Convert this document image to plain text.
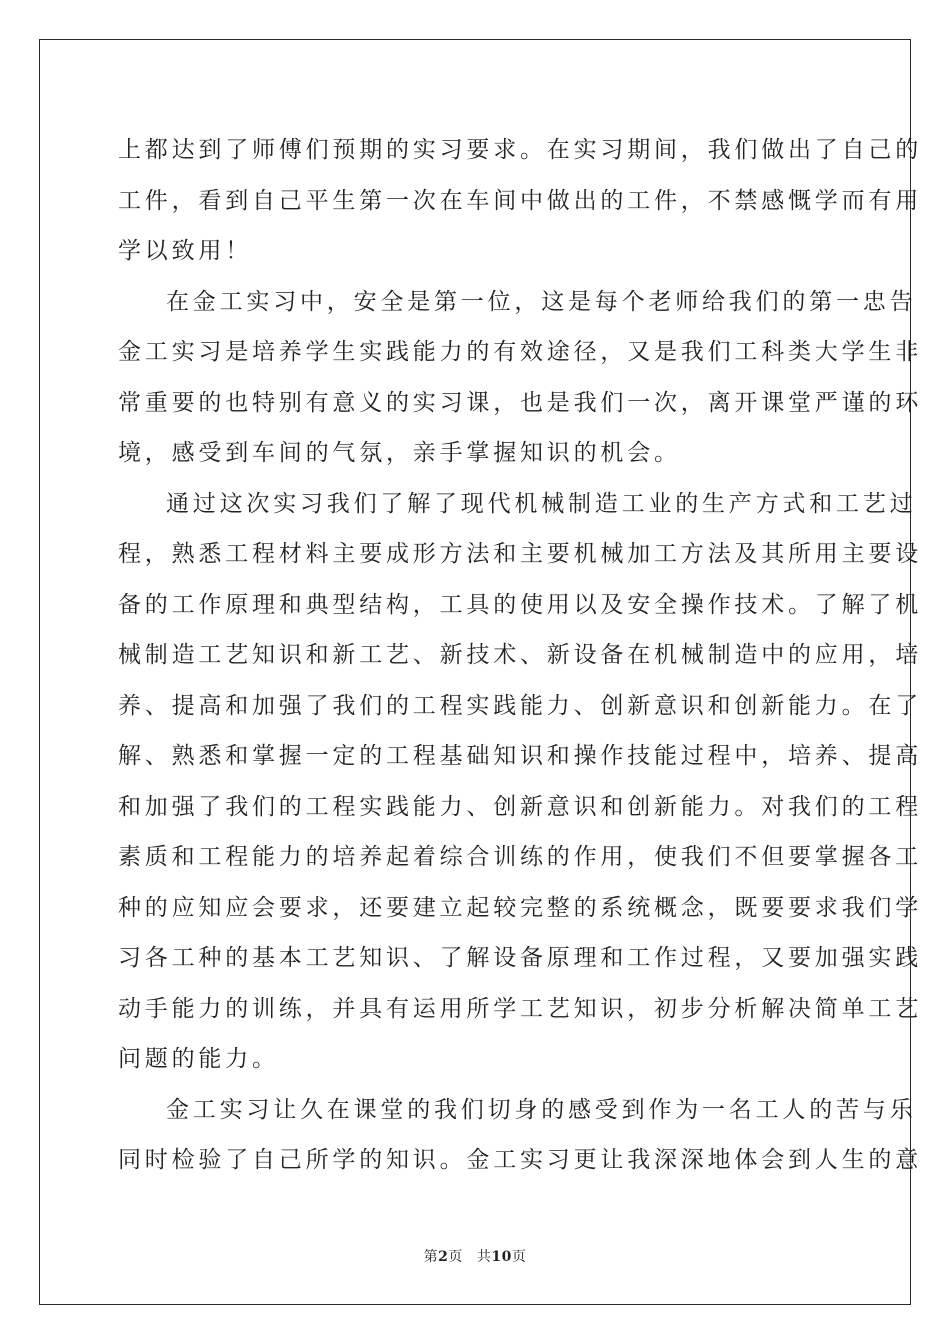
上都达到了师傅们预期的实习要求。在实习期间，我们做出了自己的
工件，看到自己平生第一次在车间中做出的工件，不禁感慨学而有用
学以致用！
在金工实习中，安全是第一位，这是每个老师给我们的第一忠告
金工实习是培养学生实践能力的有效途径，又是我们工科类大学生非
常重要的也特别有意义的实习课，也是我们一次，离开课堂严谨的环
境，感受到车间的气氛，亲手掌握知识的机会。
通过这次实习我们了解了现代机械制造工业的生产方式和工艺过
程，熟悉工程材料主要成形方法和主要机械加工方法及其所用主要设
备的工作原理和典型结构，工具的使用以及安全操作技术。了解了机
械制造工艺知识和新工艺、新技术、新设备在机械制造中的应用，培
养、提高和加强了我们的工程实践能力、创新意识和创新能力。在了
解、熟悉和掌握一定的工程基础知识和操作技能过程中，培养、提高
和加强了我们的工程实践能力、创新意识和创新能力。对我们的工程
素质和工程能力的培养起着综合训练的作用，使我们不但要掌握各工
种的应知应会要求，还要建立起较完整的系统概念，既要要求我们学
习各工种的基本工艺知识、了解设备原理和工作过程，又要加强实践
动手能力的训练，并具有运用所学工艺知识，初步分析解决简单工艺
问题的能力。
金工实习让久在课堂的我们切身的感受到作为一名工人的苦与乐
同时检验了自己所学的知识。金工实习更让我深深地体会到人生的意
第2页 共10页
